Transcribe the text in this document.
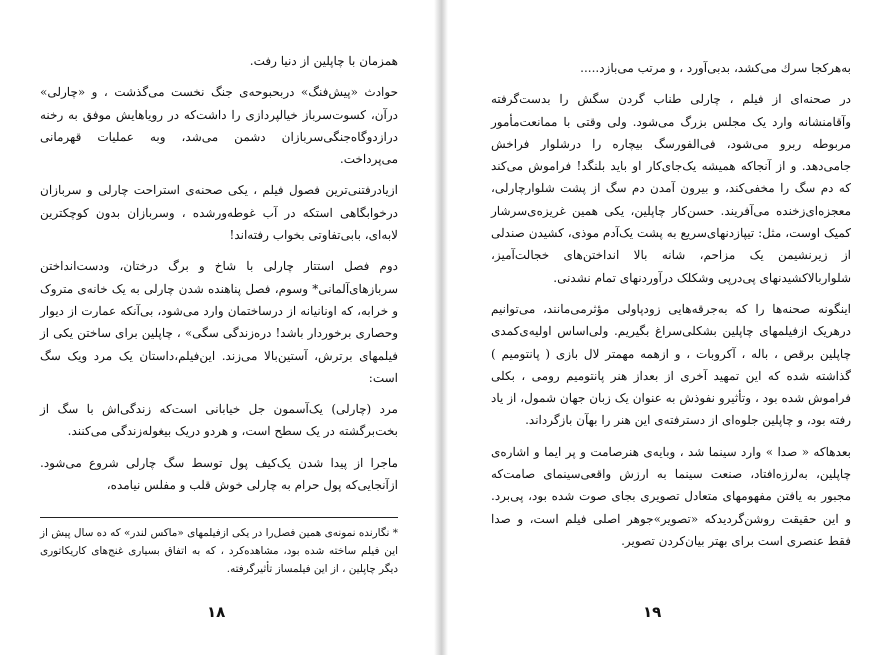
همزمان با چاپلین از دنیا رفت.

حوادث «پیش‌فنگ» در‌بحبوحه‌ی جنگ نخست می‌گذشت ، و «چارلی» درآن، کسوت‌سرباز خیالپردازی را داشت‌که در رویاهایش موفق به رخنه درازدوگاه‌جنگی‌سربازان دشمن می‌شد، وبه عملیات قهرمانی می‌پرداخت.

ازیادرفتنی‌ترین فصول فیلم ، یکی صحنه‌ی استراحت چارلی و سربازان درخوابگاهی استکه در آب غوطه‌ورشده ، وسربازان بدون کوچکترین لابه‌ای، بابی‌تفاوتی بخواب رفته‌اند!

دوم فصل استتار چارلی با شاخ و برگ درختان، ودست‌انداختن سربازهای‌آلمانی* وسوم، فصل پناهنده شدن چارلی به یک خانه‌ی متروک و خرابه، که اونانیانه از درساختمان وارد می‌شود، بی‌آنکه عمارت از دیوار وحصاری برخوردار باشد! دره‌زندگی سگی» ، چاپلین برای ساختن یکی از فیلمهای برترش، آستین‌بالا می‌زند. این‌فیلم،داستان یک مرد ویک سگ است:

مرد (چارلی) یک‌آسمون جل خیابانی است‌که زندگی‌اش با سگ از بخت‌برگشته در یک سطح است، و هردو دریک بیغوله‌زندگی می‌کنند.

ماجرا از پیدا شدن یک‌کیف پول توسط سگ چارلی شروع می‌شود. ازآنجایی‌که پول حرام به چارلی خوش قلب و مفلس نیامده،

* نگارنده نمونه‌ی همین فصل‌را در یکی ازفیلمهای «ماکس لندر» که ده سال پیش از این فیلم ساخته شده بود، مشاهده‌کرد ، که به اتفاق بسیاری غنج‌های کاریکاتوری دیگر چاپلین ، از این فیلمساز تأثیرگرفته.
۱۸

به‌هرکجا سرك می‌کشد، بدبی‌آورد ، و مرتب می‌بازد.....

در صحنه‌ای از فیلم ، چارلی طناب گردن سگش را بدست‌گرفته وآقامنشانه وارد یک مجلس بزرگ می‌شود. ولی وقتی با ممانعت‌مأمور مربوطه ربرو می‌شود، فی‌الفورسگ بیچاره را درشلوار فراخش جامی‌دهد. و از آنجاکه همیشه یک‌جای‌کار او باید بلنگد! فراموش می‌کند که دم سگ را مخفی‌کند، و بیرون آمدن دم سگ از پشت شلوارچارلی، معجزه‌ای‌زخنده می‌آفریند. حسن‌کار چاپلین، یکی همین غریزه‌ی‌سرشار کمیک اوست، مثل: تیپازدنهای‌سریع به پشت یک‌آدم موذی، کشیدن صندلی از زیرنشیمن یک مزاحم، شانه بالا انداختن‌های خجالت‌آمیز، شلواربالاکشیدنهای پی‌درپی وشکلک درآوردنهای تمام نشدنی.

اینگونه صحنه‌ها را که به‌جرقه‌هایی زودپاولی مؤثرمی‌مانند، می‌توانیم درهریک ازفیلمهای چاپلین بشکلی‌سراغ بگیریم. ولی‌اساس اولیه‌ی‌کمدی چاپلین برقص ، باله ، آکروبات ، و ازهمه مهمتر لال بازی ( پانتومیم ) گذاشته شده که این تمهید آخری از بعداز هنر پانتومیم رومی ، بکلی فراموش شده بود ، وتأثیرو نفوذش به عنوان یک زبان جهان شمول، از یاد رفته بود، و چاپلین جلوه‌ای از دسترفته‌ی این هنر را بهآن بازگرداند.

بعدهاکه « صدا » وارد سینما شد ، وبایه‌ی هنرصامت و پر ایما و اشاره‌ی چاپلین، به‌لرزه‌افتاد، صنعت سینما به ارزش واقعی‌سینمای صامت‌که مجبور به یافتن مفهومهای متعادل تصویری بجای صوت شده بود، پی‌برد. و این حقیقت روشن‌گردید‌که «تصویر»جوهر اصلی فیلم است، و صدا فقط عنصری است برای بهتر بیان‌کردن تصویر.

۱۹
